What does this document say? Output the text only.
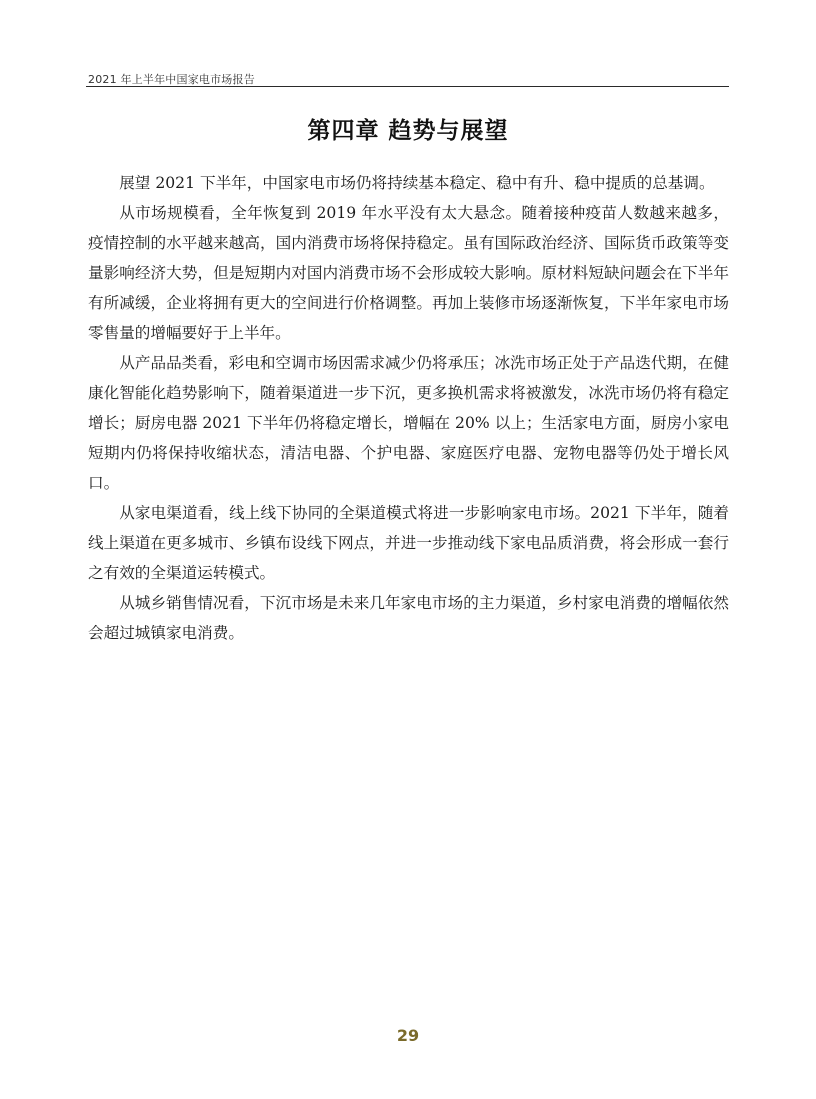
2021 年上半年中国家电市场报告
第四章 趋势与展望

展望 2021 下半年，中国家电市场仍将持续基本稳定、稳中有升、稳中提质的总基调。

从市场规模看，全年恢复到 2019 年水平没有太大悬念。随着接种疫苗人数越来越多，疫情控制的水平越来越高，国内消费市场将保持稳定。虽有国际政治经济、国际货币政策等变量影响经济大势，但是短期内对国内消费市场不会形成较大影响。原材料短缺问题会在下半年有所减缓，企业将拥有更大的空间进行价格调整。再加上装修市场逐渐恢复，下半年家电市场零售量的增幅要好于上半年。

从产品品类看，彩电和空调市场因需求减少仍将承压；冰洗市场正处于产品迭代期，在健康化智能化趋势影响下，随着渠道进一步下沉，更多换机需求将被激发，冰洗市场仍将有稳定增长；厨房电器 2021 下半年仍将稳定增长，增幅在 20% 以上；生活家电方面，厨房小家电短期内仍将保持收缩状态，清洁电器、个护电器、家庭医疗电器、宠物电器等仍处于增长风口。

从家电渠道看，线上线下协同的全渠道模式将进一步影响家电市场。2021 下半年，随着线上渠道在更多城市、乡镇布设线下网点，并进一步推动线下家电品质消费，将会形成一套行之有效的全渠道运转模式。

从城乡销售情况看，下沉市场是未来几年家电市场的主力渠道，乡村家电消费的增幅依然会超过城镇家电消费。

29
